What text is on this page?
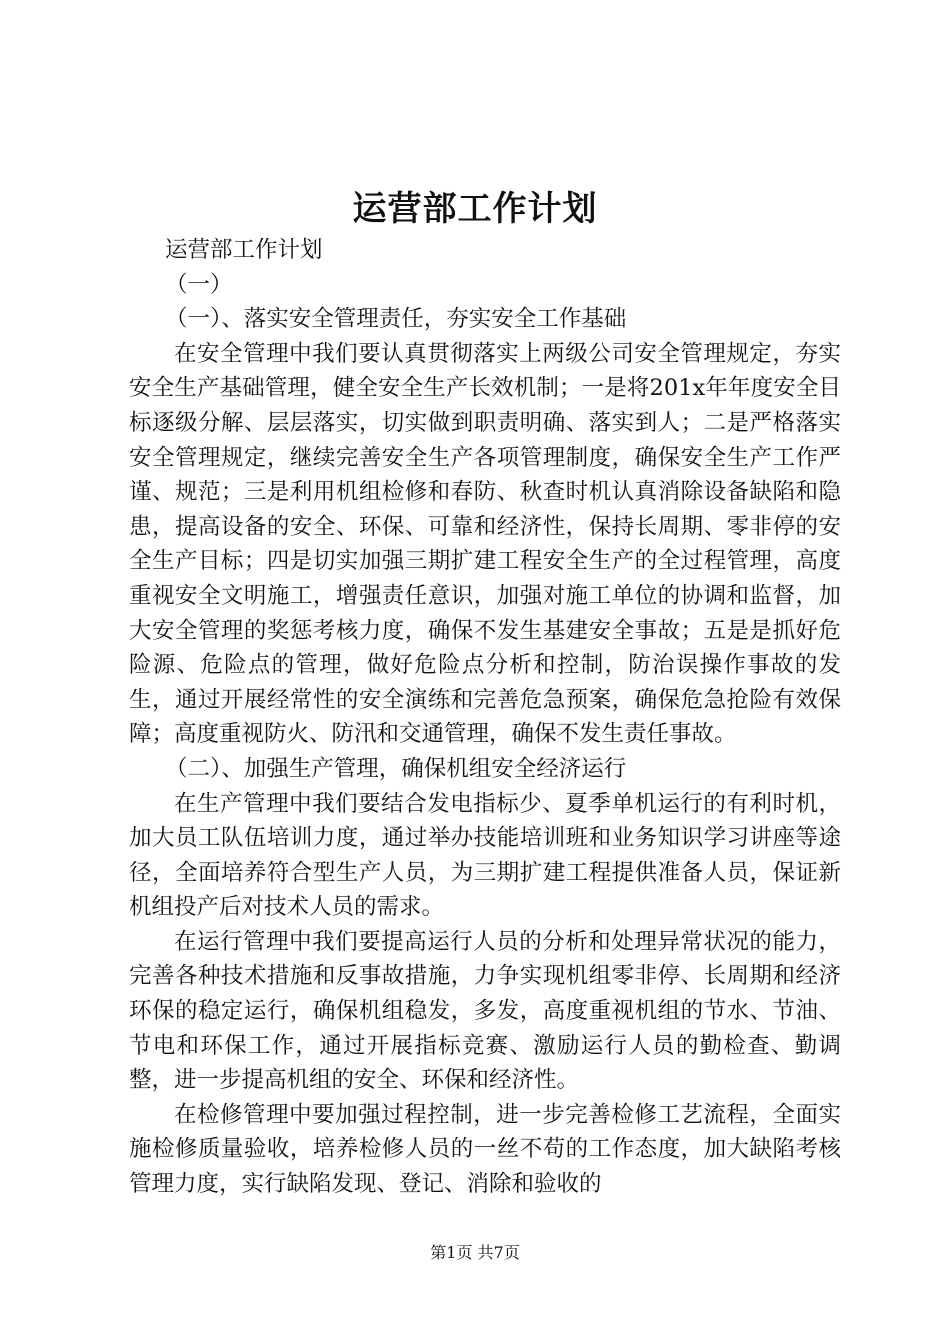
运营部工作计划

运营部工作计划

（一）

（一）、落实安全管理责任，夯实安全工作基础

在安全管理中我们要认真贯彻落实上两级公司安全管理规定，夯实安全生产基础管理，健全安全生产长效机制；一是将201x年年度安全目标逐级分解、层层落实，切实做到职责明确、落实到人；二是严格落实安全管理规定，继续完善安全生产各项管理制度，确保安全生产工作严谨、规范；三是利用机组检修和春防、秋查时机认真消除设备缺陷和隐患，提高设备的安全、环保、可靠和经济性，保持长周期、零非停的安全生产目标；四是切实加强三期扩建工程安全生产的全过程管理，高度重视安全文明施工，增强责任意识，加强对施工单位的协调和监督，加大安全管理的奖惩考核力度，确保不发生基建安全事故；五是是抓好危险源、危险点的管理，做好危险点分析和控制，防治误操作事故的发生，通过开展经常性的安全演练和完善危急预案，确保危急抢险有效保障；高度重视防火、防汛和交通管理，确保不发生责任事故。

（二）、加强生产管理，确保机组安全经济运行

在生产管理中我们要结合发电指标少、夏季单机运行的有利时机，加大员工队伍培训力度，通过举办技能培训班和业务知识学习讲座等途径，全面培养符合型生产人员，为三期扩建工程提供准备人员，保证新机组投产后对技术人员的需求。

在运行管理中我们要提高运行人员的分析和处理异常状况的能力，完善各种技术措施和反事故措施，力争实现机组零非停、长周期和经济环保的稳定运行，确保机组稳发，多发，高度重视机组的节水、节油、节电和环保工作，通过开展指标竞赛、激励运行人员的勤检查、勤调整，进一步提高机组的安全、环保和经济性。

在检修管理中要加强过程控制，进一步完善检修工艺流程，全面实施检修质量验收，培养检修人员的一丝不苟的工作态度，加大缺陷考核管理力度，实行缺陷发现、登记、消除和验收的

第1页 共7页
